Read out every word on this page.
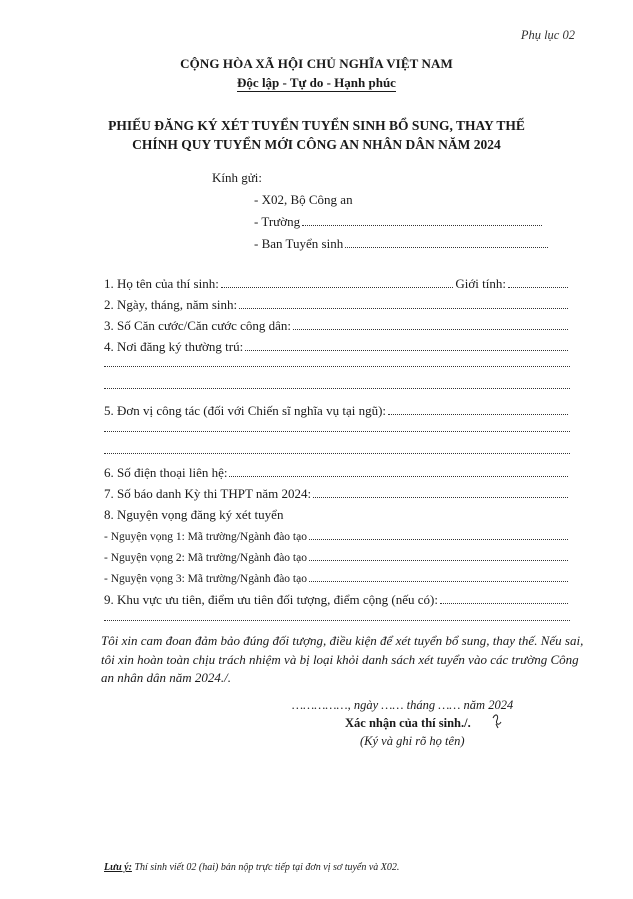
Phụ lục 02
CỘNG HÒA XÃ HỘI CHỦ NGHĨA VIỆT NAM
Độc lập - Tự do - Hạnh phúc
PHIẾU ĐĂNG KÝ XÉT TUYỂN TUYỂN SINH BỔ SUNG, THAY THẾ
CHÍNH QUY TUYỂN MỚI CÔNG AN NHÂN DÂN NĂM 2024
Kính gửi:
- X02, Bộ Công an
- Trường
- Ban Tuyển sinh
1. Họ tên của thí sinh:	Giới tính:
2. Ngày, tháng, năm sinh:
3. Số Căn cước/Căn cước công dân:
4. Nơi đăng ký thường trú:
5. Đơn vị công tác (đối với Chiến sĩ nghĩa vụ tại ngũ):
6. Số điện thoại liên hệ:
7. Số báo danh Kỳ thi THPT năm 2024:
8. Nguyện vọng đăng ký xét tuyển
- Nguyện vọng 1: Mã trường/Ngành đào tạo
- Nguyện vọng 2: Mã trường/Ngành đào tạo
- Nguyện vọng 3: Mã trường/Ngành đào tạo
9. Khu vực ưu tiên, điểm ưu tiên đối tượng, điểm cộng (nếu có):
Tôi xin cam đoan đảm bảo đúng đối tượng, điều kiện để xét tuyển bổ sung, thay thế. Nếu sai, tôi xin hoàn toàn chịu trách nhiệm và bị loại khỏi danh sách xét tuyển vào các trường Công an nhân dân năm 2024./.
……………, ngày …… tháng …… năm 2024
Xác nhận của thí sinh./.
(Ký và ghi rõ họ tên)
Lưu ý: Thí sinh viết 02 (hai) bản nộp trực tiếp tại đơn vị sơ tuyển và X02.
